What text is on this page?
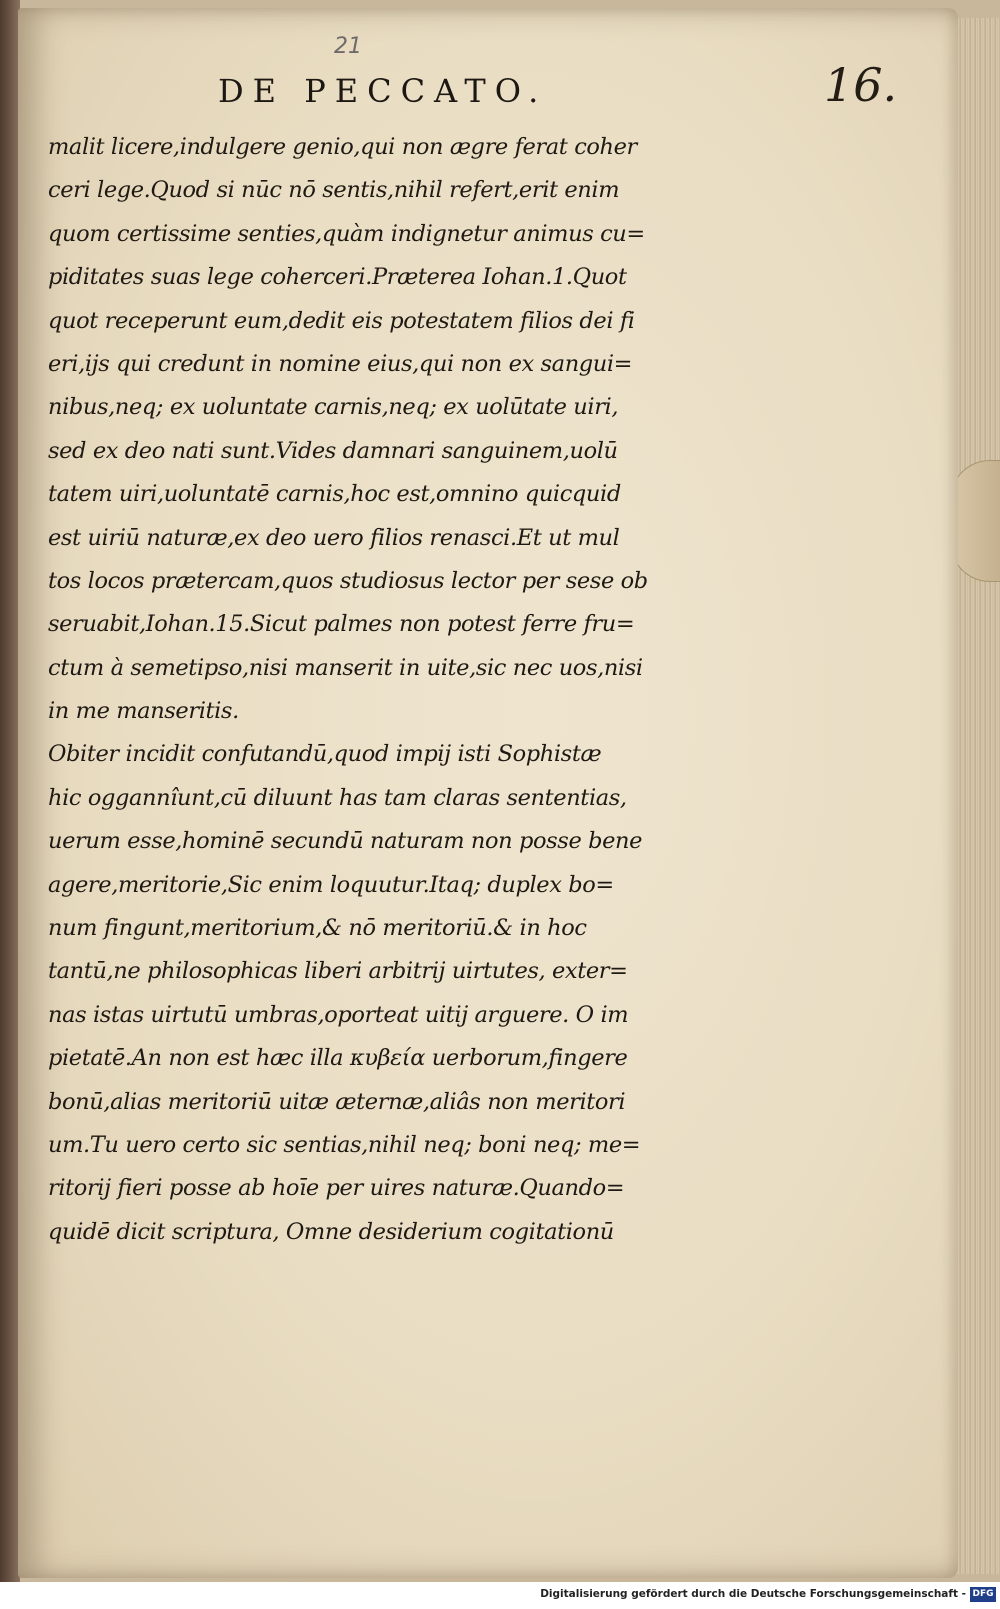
21
DE PECCATO.	16.
malit licere,indulgere genio,qui non ægre ferat coher
ceri lege.Quod si nūc nō sentis,nihil refert,erit enim
quom certissime senties,quàm indignetur animus cu=
piditates suas lege coherceri.Præterea Iohan.1.Quot
quot receperunt eum,dedit eis potestatem filios dei fi
eri,ijs qui credunt in nomine eius,qui non ex sangui=
nibus,neq; ex uoluntate carnis,neq; ex uolūtate uiri,
sed ex deo nati sunt.Vides damnari sanguinem,uolū
tatem uiri,uoluntatē carnis,hoc est,omnino quicquid
est uiriū naturæ,ex deo uero filios renasci.Et ut mul
tos locos prætercam,quos studiosus lector per sese ob
seruabit,Iohan.15.Sicut palmes non potest ferre fru=
ctum à semetipso,nisi manserit in uite,sic nec uos,nisi
in me manseritis.
Obiter incidit confutandū,quod impij isti Sophistæ
hic oggannîunt,cū diluunt has tam claras sententias,
uerum esse,hominē secundū naturam non posse bene
agere,meritorie,Sic enim loquutur.Itaq; duplex bo=
num fingunt,meritorium,& nō meritoriū.& in hoc
tantū,ne philosophicas liberi arbitrij uirtutes, exter=
nas istas uirtutū umbras,oporteat uitij arguere. O im
pietatē.An non est hæc illa κυβεία uerborum,fingere
bonū,alias meritoriū uitæ æternæ,aliâs non meritori
um.Tu uero certo sic sentias,nihil neq; boni neq; me=
ritorij fieri posse ab hoīe per uires naturæ.Quando=
quidē dicit scriptura, Omne desiderium cogitationū
Digitalisierung gefördert durch die Deutsche Forschungsgemeinschaft - DFG
